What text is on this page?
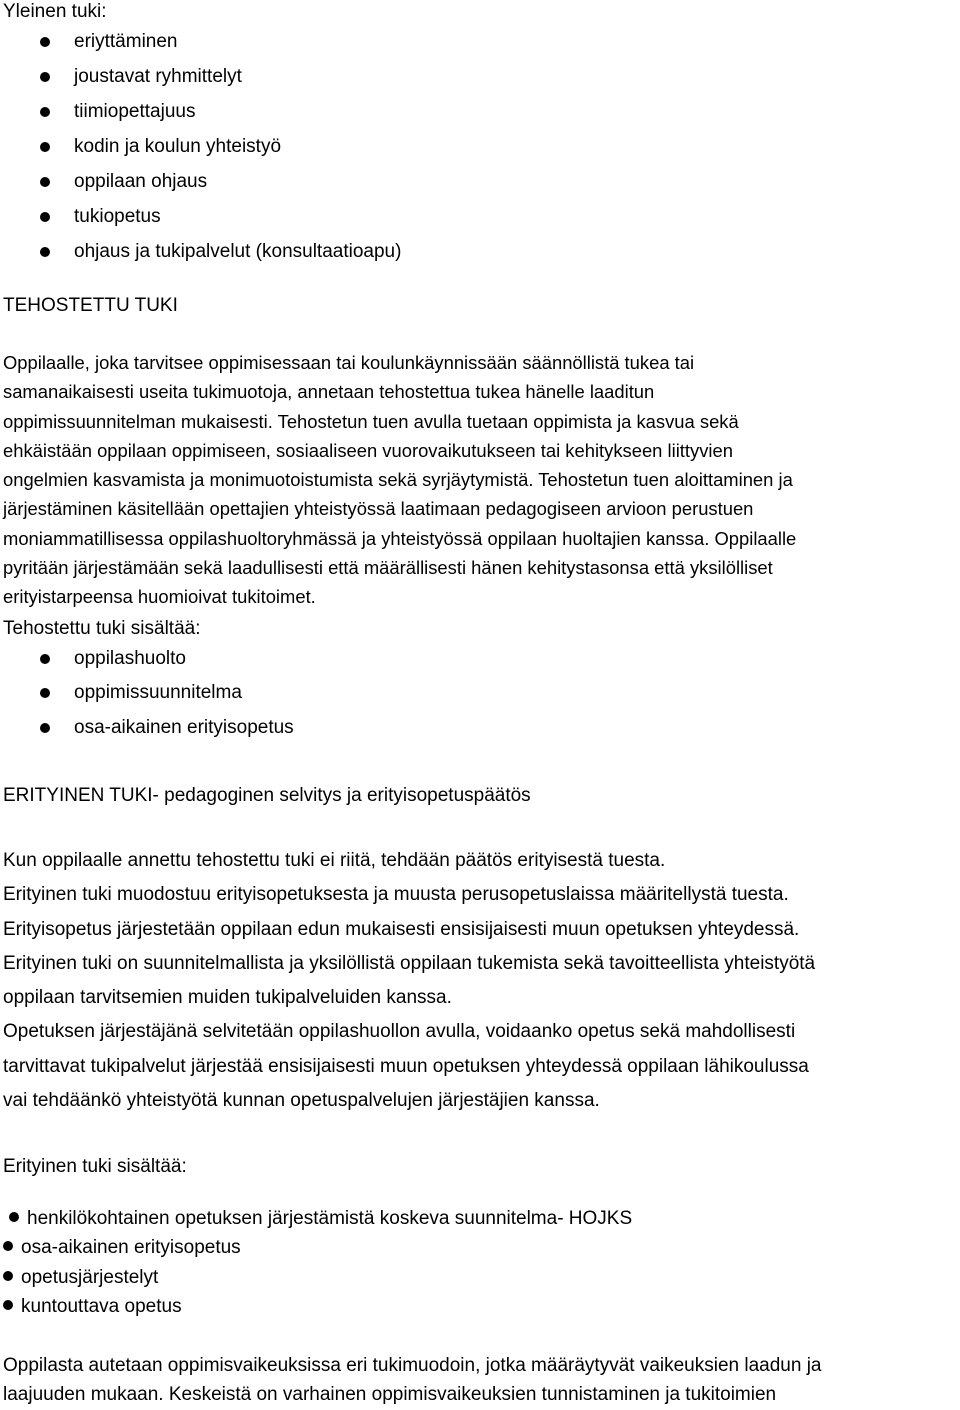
Yleinen tuki:
eriyttäminen
joustavat ryhmittelyt
tiimiopettajuus
kodin ja koulun yhteistyö
oppilaan ohjaus
tukiopetus
ohjaus ja tukipalvelut (konsultaatioapu)
TEHOSTETTU TUKI
Oppilaalle, joka tarvitsee oppimisessaan tai koulunkäynnissään säännöllistä tukea tai
samanaikaisesti useita tukimuotoja, annetaan tehostettua tukea hänelle laaditun
oppimissuunnitelman mukaisesti. Tehostetun tuen avulla tuetaan oppimista ja kasvua sekä
ehkäistään oppilaan oppimiseen, sosiaaliseen vuorovaikutukseen tai kehitykseen liittyvien
ongelmien kasvamista ja monimuotoistumista sekä syrjäytymistä. Tehostetun tuen aloittaminen ja
järjestäminen käsitellään opettajien yhteistyössä laatimaan pedagogiseen arvioon perustuen
moniammatillisessa oppilashuoltoryhmässä ja yhteistyössä oppilaan huoltajien kanssa. Oppilaalle
pyritään järjestämään sekä laadullisesti että määrällisesti hänen kehitystasonsa että yksilölliset
erityistarpeensa huomioivat tukitoimet.
Tehostettu tuki sisältää:
oppilashuolto
oppimissuunnitelma
osa-aikainen erityisopetus
ERITYINEN TUKI- pedagoginen selvitys ja erityisopetuspäätös
Kun oppilaalle annettu tehostettu tuki ei riitä, tehdään päätös erityisestä tuesta.
Erityinen tuki muodostuu erityisopetuksesta ja muusta perusopetuslaissa määritellystä tuesta.
Erityisopetus järjestetään oppilaan edun mukaisesti ensisijaisesti muun opetuksen yhteydessä.
Erityinen tuki on suunnitelmallista ja yksilöllistä oppilaan tukemista sekä tavoitteellista yhteistyötä
oppilaan tarvitsemien muiden tukipalveluiden kanssa.
Opetuksen järjestäjänä selvitetään oppilashuollon avulla, voidaanko opetus sekä mahdollisesti
tarvittavat tukipalvelut järjestää ensisijaisesti muun opetuksen yhteydessä oppilaan lähikoulussa
vai tehdäänkö yhteistyötä kunnan opetuspalvelujen järjestäjien kanssa.
Erityinen tuki sisältää:
henkilökohtainen opetuksen järjestämistä koskeva suunnitelma- HOJKS
osa-aikainen erityisopetus
opetusjärjestelyt
kuntouttava opetus
Oppilasta autetaan oppimisvaikeuksissa eri tukimuodoin, jotka määräytyvät vaikeuksien laadun ja
laajuuden mukaan. Keskeistä on varhainen oppimisvaikeuksien tunnistaminen ja tukitoimien
